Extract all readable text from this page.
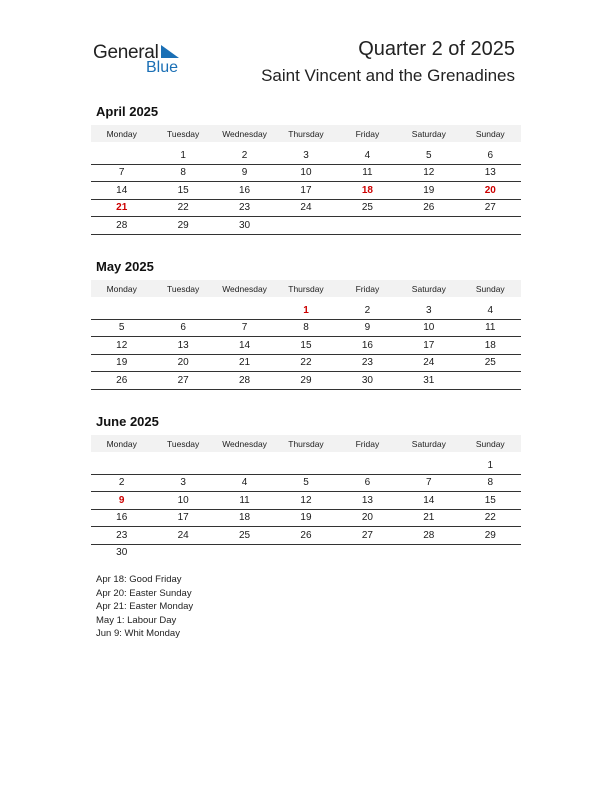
General
Blue
Quarter 2 of 2025
Saint Vincent and the Grenadines
April 2025
Monday	Tuesday	Wednesday	Thursday	Friday	Saturday	Sunday

	1	2	3	4	5	6
7	8	9	10	11	12	13
14	15	16	17	18	19	20
21	22	23	24	25	26	27
28	29	30				
May 2025
Monday	Tuesday	Wednesday	Thursday	Friday	Saturday	Sunday

			1	2	3	4
5	6	7	8	9	10	11
12	13	14	15	16	17	18
19	20	21	22	23	24	25
26	27	28	29	30	31	
June 2025
Monday	Tuesday	Wednesday	Thursday	Friday	Saturday	Sunday

						1
2	3	4	5	6	7	8
9	10	11	12	13	14	15
16	17	18	19	20	21	22
23	24	25	26	27	28	29
30						
Apr 18: Good Friday
Apr 20: Easter Sunday
Apr 21: Easter Monday
May 1: Labour Day
Jun 9: Whit Monday
